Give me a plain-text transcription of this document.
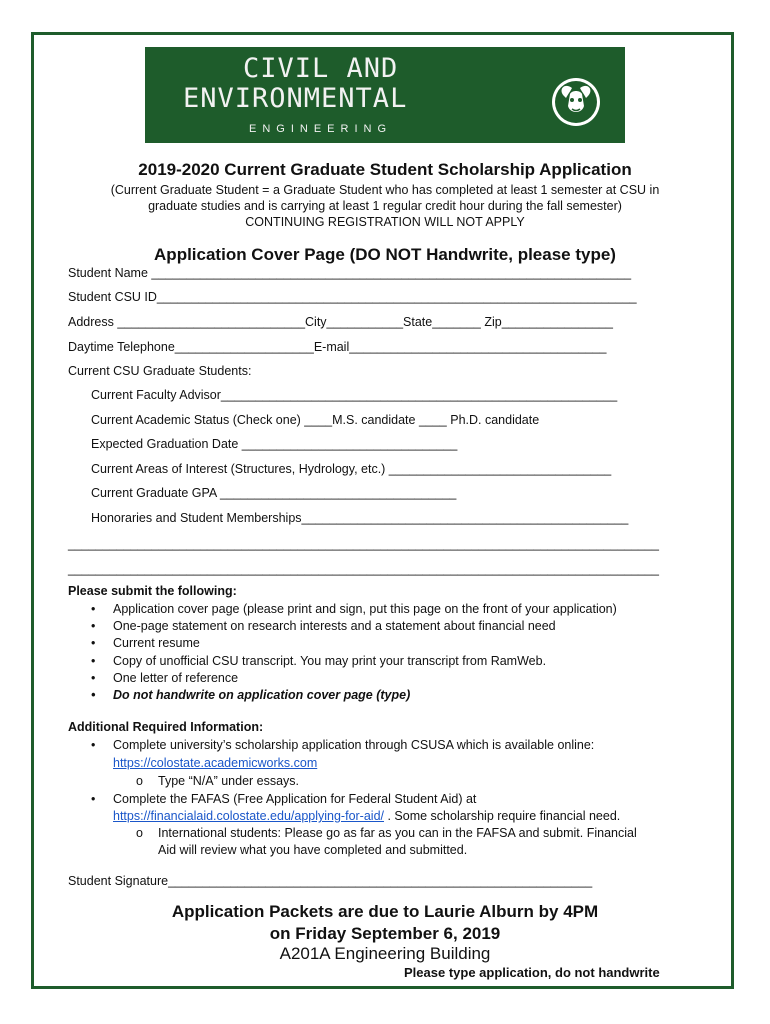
CIVIL AND
ENVIRONMENTAL
ENGINEERING
2019-2020 Current Graduate Student Scholarship Application
(Current Graduate Student = a Graduate Student who has completed at least 1 semester at CSU in
graduate studies and is carrying at least 1 regular credit hour during the fall semester)
CONTINUING REGISTRATION WILL NOT APPLY
Application Cover Page (DO NOT Handwrite, please type)
Student Name _____________________________________________________________________
Student CSU ID_____________________________________________________________________
Address ___________________________City___________State_______ Zip________________
Daytime Telephone____________________E-mail_____________________________________
Current CSU Graduate Students:
Current Faculty Advisor_________________________________________________________
Current Academic Status (Check one) ____M.S. candidate ____ Ph.D. candidate
Expected Graduation Date _______________________________
Current Areas of Interest (Structures, Hydrology, etc.) ________________________________
Current Graduate GPA __________________________________
Honoraries and Student Memberships_______________________________________________
_____________________________________________________________________________________
_____________________________________________________________________________________
Please submit the following:
• Application cover page (please print and sign, put this page on the front of your application)
• One-page statement on research interests and a statement about financial need
• Current resume
• Copy of unofficial CSU transcript. You may print your transcript from RamWeb.
• One letter of reference
• Do not handwrite on application cover page (type)
Additional Required Information:
• Complete university’s scholarship application through CSUSA which is available online:
https://colostate.academicworks.com
o Type “N/A” under essays.
• Complete the FAFAS (Free Application for Federal Student Aid) at
https://financialaid.colostate.edu/applying-for-aid/ . Some scholarship require financial need.
o International students: Please go as far as you can in the FAFSA and submit. Financial
Aid will review what you have completed and submitted.
Student Signature_____________________________________________________________
Application Packets are due to Laurie Alburn by 4PM
on Friday September 6, 2019
A201A Engineering Building
Please type application, do not handwrite
